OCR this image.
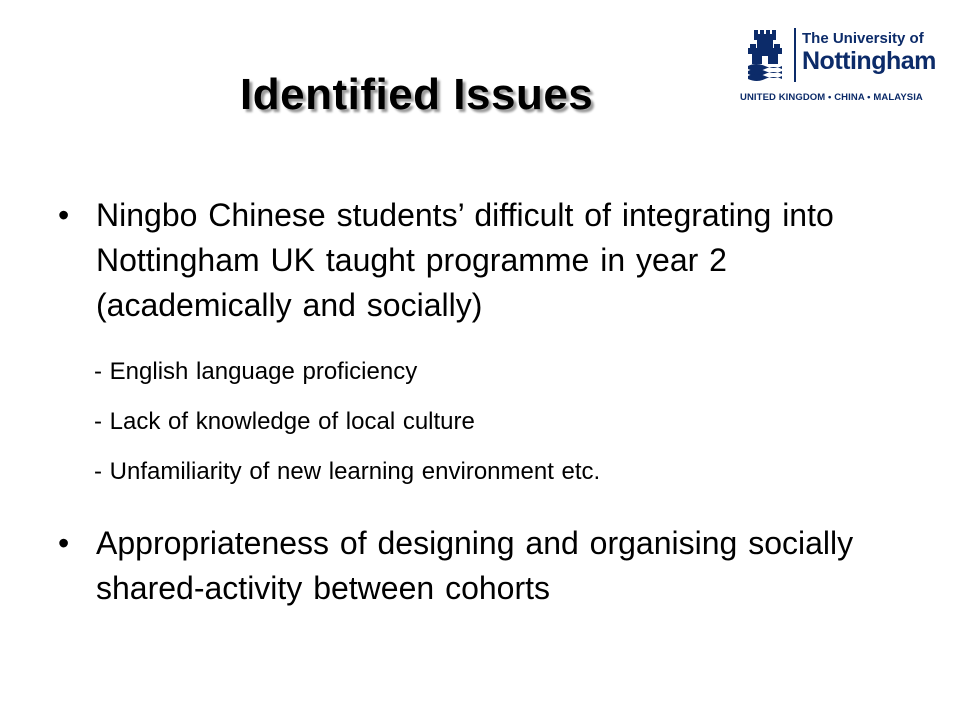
Identified Issues
The University of
Nottingham
UNITED KINGDOM • CHINA • MALAYSIA
• Ningbo Chinese students’ difficult of integrating into Nottingham UK taught programme in year 2 (academically and socially)
- English language proficiency
- Lack of knowledge of local culture
- Unfamiliarity of new learning environment etc.
• Appropriateness of designing and organising socially shared-activity between cohorts
